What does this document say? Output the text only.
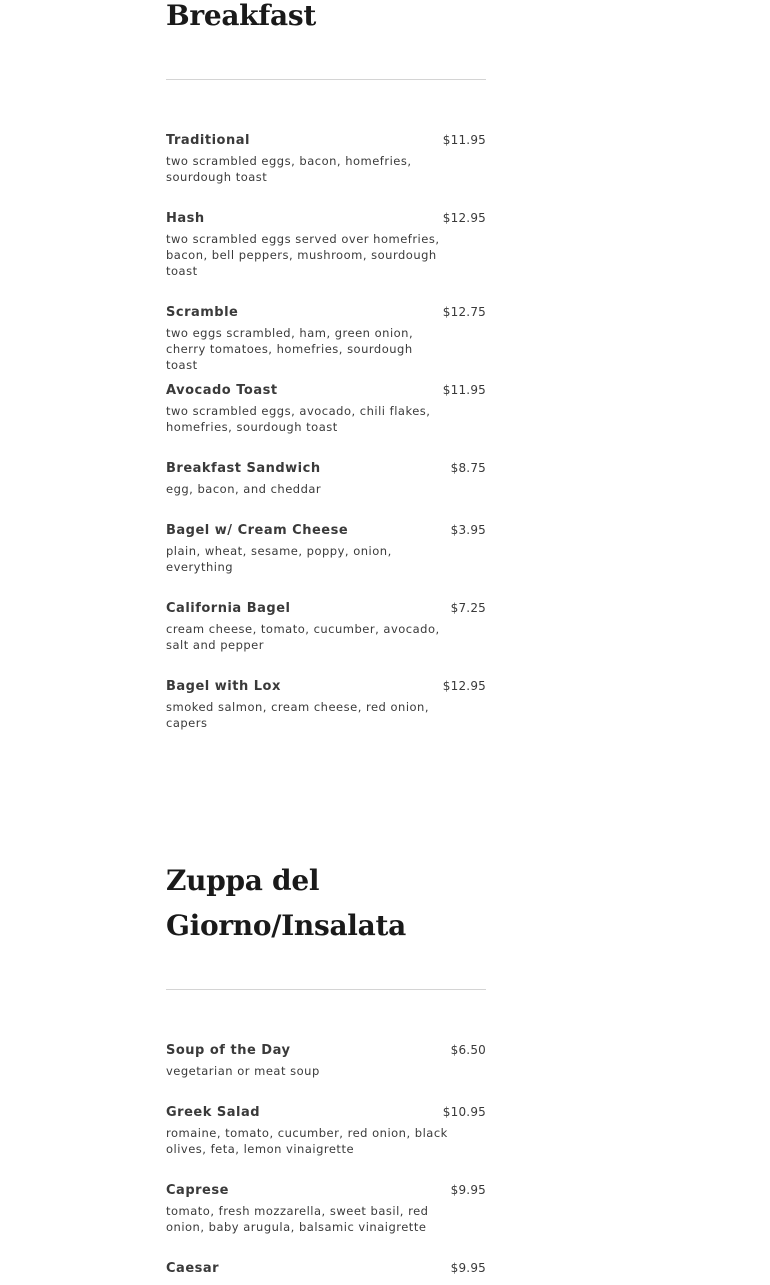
Breakfast
Traditional	$11.95
two scrambled eggs, bacon, homefries, sourdough toast
Hash	$12.95
two scrambled eggs served over homefries, bacon, bell peppers, mushroom, sourdough toast
Scramble	$12.75
two eggs scrambled, ham, green onion, cherry tomatoes, homefries, sourdough toast
Avocado Toast	$11.95
two scrambled eggs, avocado, chili flakes, homefries, sourdough toast
Breakfast Sandwich	$8.75
egg, bacon, and cheddar
Bagel w/ Cream Cheese	$3.95
plain, wheat, sesame, poppy, onion, everything
California Bagel	$7.25
cream cheese, tomato, cucumber, avocado, salt and pepper
Bagel with Lox	$12.95
smoked salmon, cream cheese, red onion, capers
Zuppa del Giorno/Insalata
Soup of the Day	$6.50
vegetarian or meat soup
Greek Salad	$10.95
romaine, tomato, cucumber, red onion, black olives, feta, lemon vinaigrette
Caprese	$9.95
tomato, fresh mozzarella, sweet basil, red onion, baby arugula, balsamic vinaigrette
Caesar	$9.95
